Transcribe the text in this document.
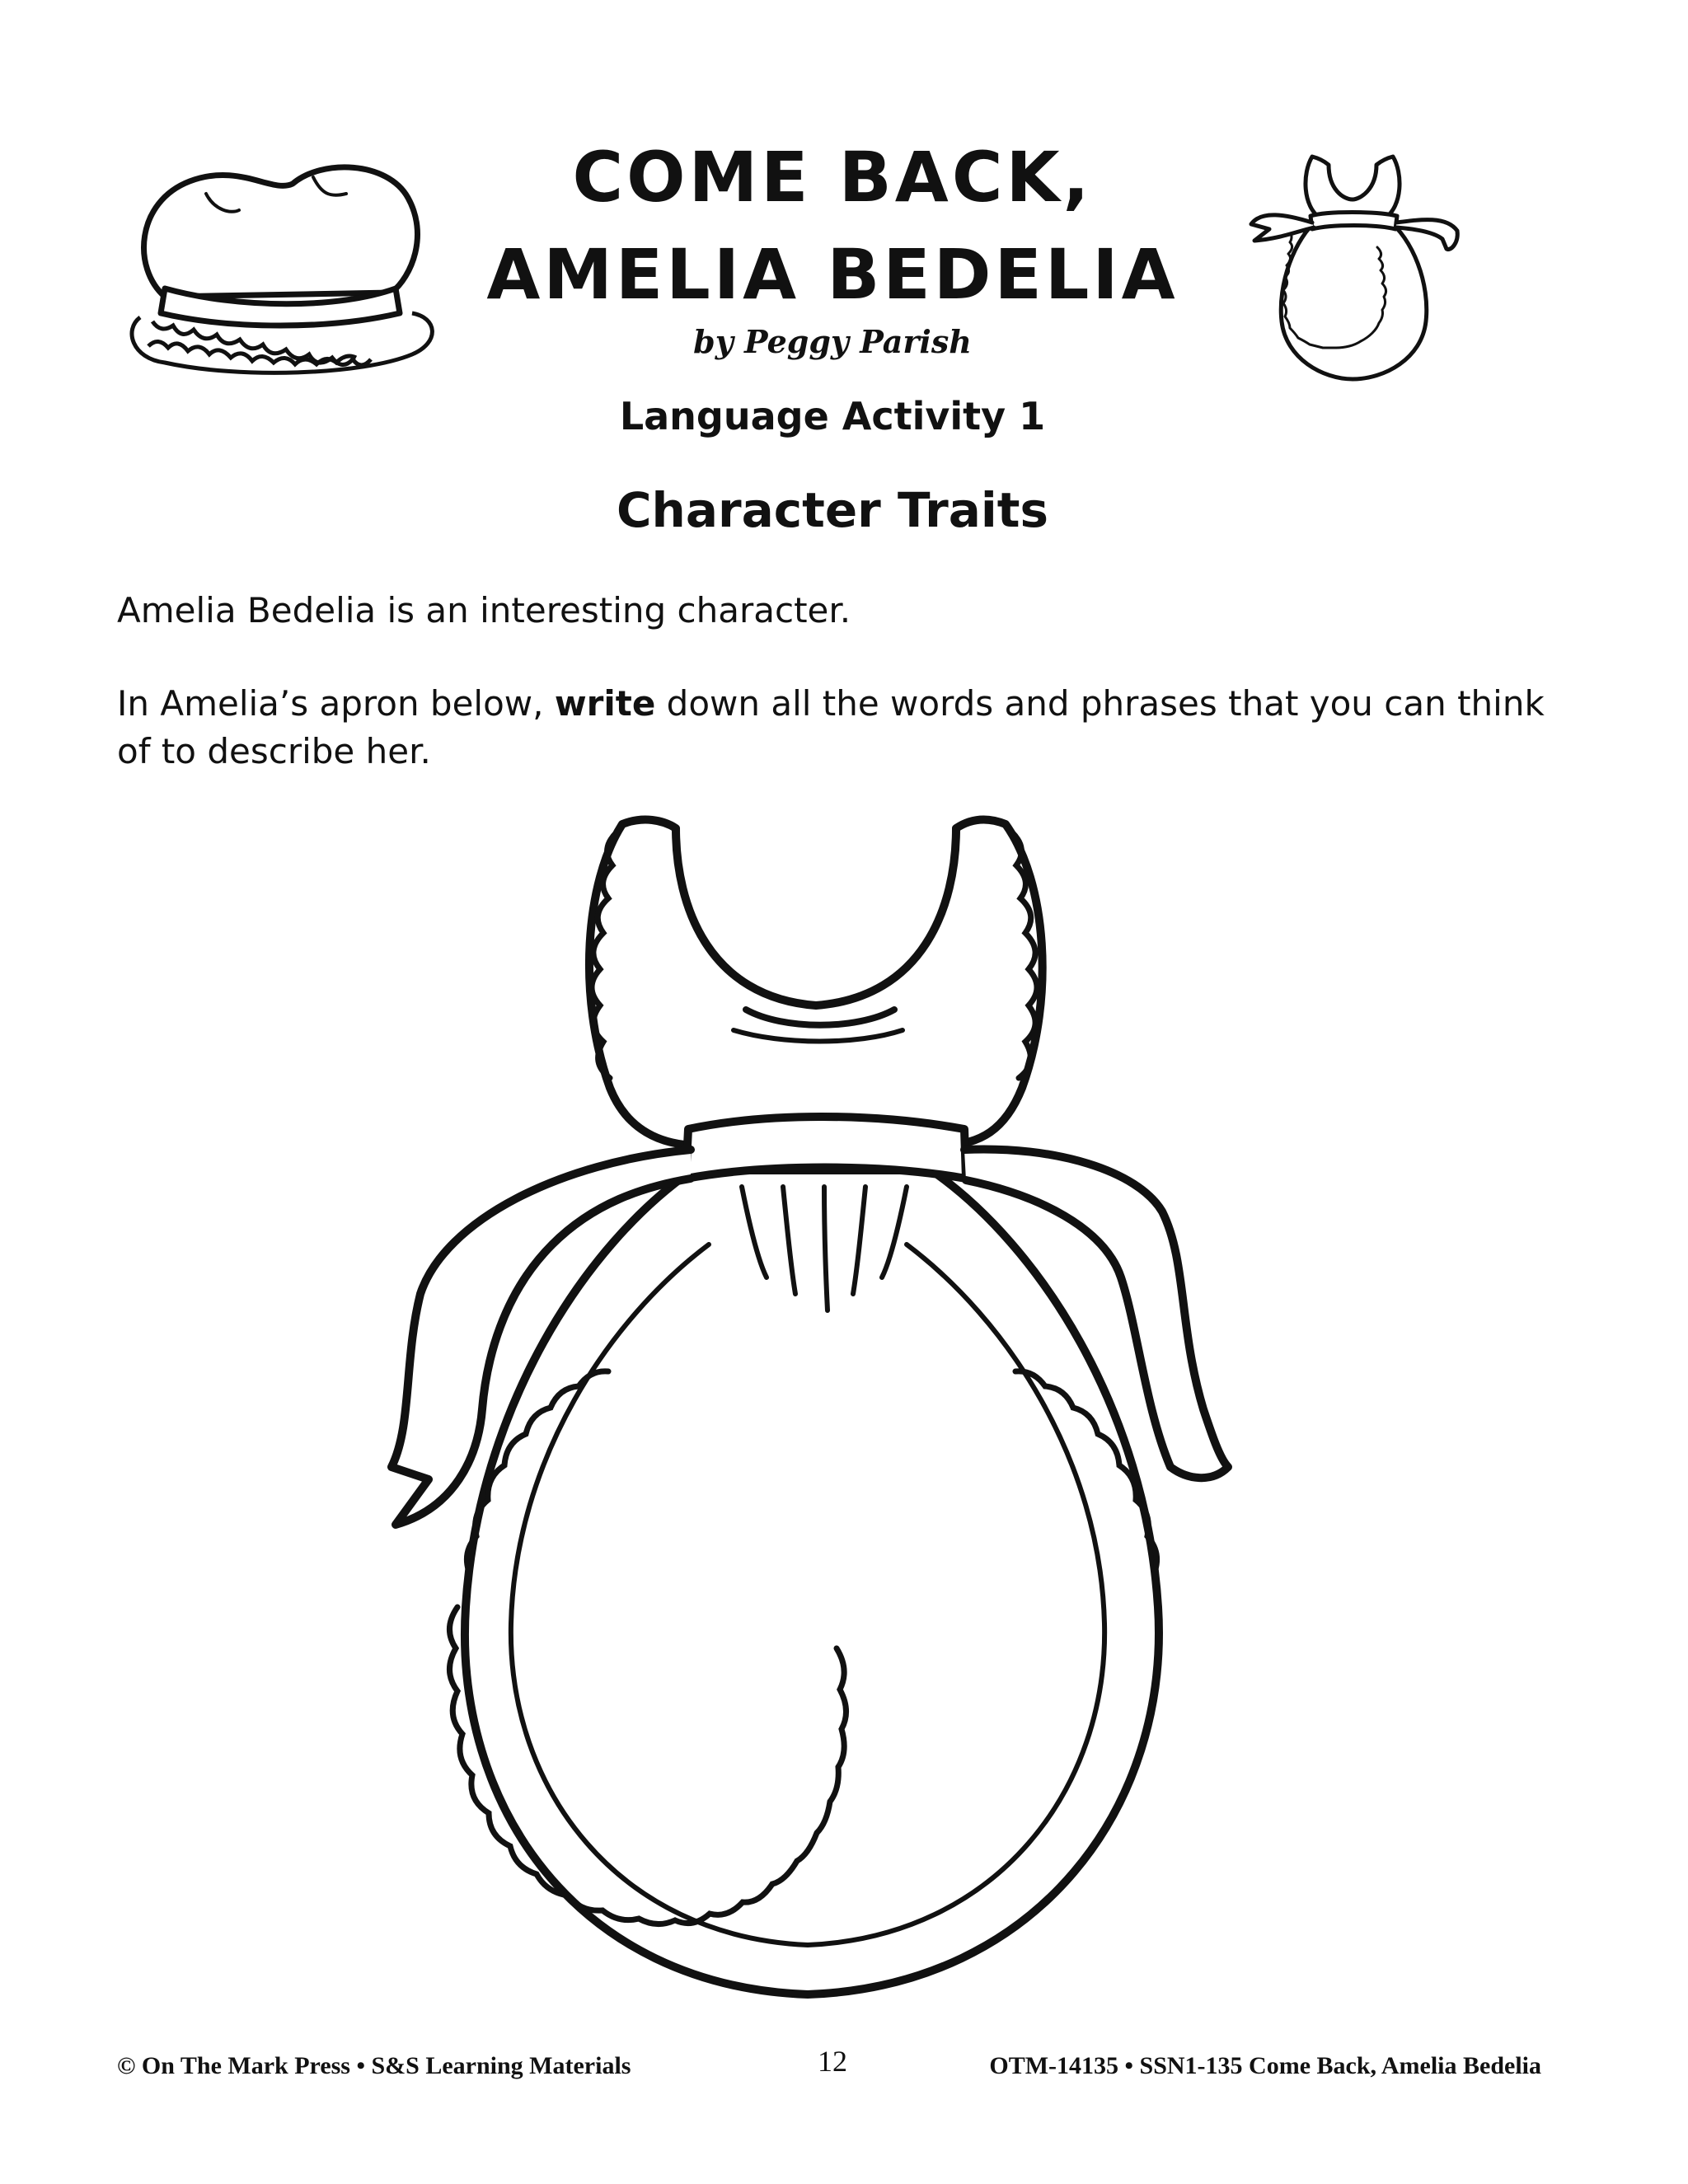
COME BACK,
AMELIA BEDELIA
by Peggy Parish
Language Activity 1
Character Traits

Amelia Bedelia is an interesting character.

In Amelia’s apron below, write down all the words and phrases that you can think of to describe her.

© On The Mark Press • S&S Learning Materials	12	OTM-14135 • SSN1-135 Come Back, Amelia Bedelia
